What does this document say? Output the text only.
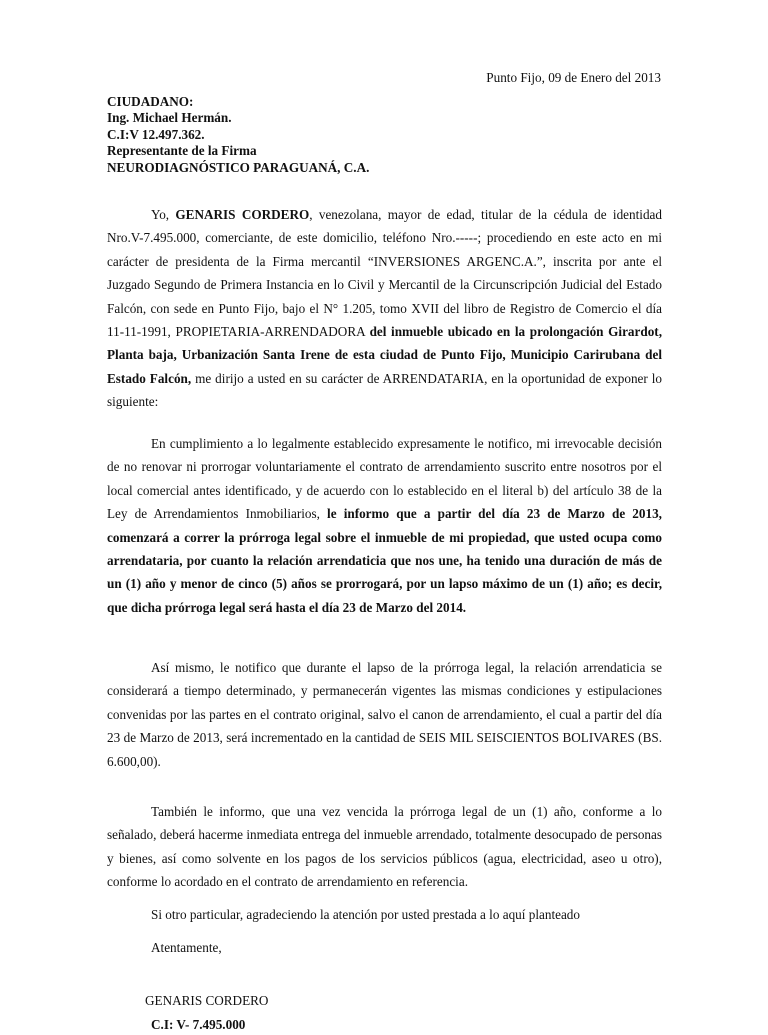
Punto Fijo, 09 de Enero del 2013
CIUDADANO:
Ing. Michael Hermán.
C.I:V 12.497.362.
Representante de la Firma
NEURODIAGNÓSTICO PARAGUANÁ, C.A.

Yo, GENARIS CORDERO, venezolana, mayor de edad, titular de la cédula de identidad Nro.V-7.495.000, comerciante, de este domicilio, teléfono Nro.-----; procediendo en este acto en mi carácter de presidenta de la Firma mercantil “INVERSIONES ARGENC.A.”, inscrita por ante el Juzgado Segundo de Primera Instancia en lo Civil y Mercantil de la Circunscripción Judicial del Estado Falcón, con sede en Punto Fijo, bajo el N° 1.205, tomo XVII del libro de Registro de Comercio el día 11-11-1991, PROPIETARIA-ARRENDADORA del inmueble ubicado en la prolongación Girardot, Planta baja, Urbanización Santa Irene de esta ciudad de Punto Fijo, Municipio Carirubana del Estado Falcón, me dirijo a usted en su carácter de ARRENDATARIA, en la oportunidad de exponer lo siguiente:

En cumplimiento a lo legalmente establecido expresamente le notifico, mi irrevocable decisión de no renovar ni prorrogar voluntariamente el contrato de arrendamiento suscrito entre nosotros por el local comercial antes identificado, y de acuerdo con lo establecido en el literal b) del artículo 38 de la Ley de Arrendamientos Inmobiliarios, le informo que a partir del día 23 de Marzo de 2013, comenzará a correr la prórroga legal sobre el inmueble de mi propiedad, que usted ocupa como arrendataria, por cuanto la relación arrendaticia que nos une, ha tenido una duración de más de un (1) año y menor de cinco (5) años se prorrogará, por un lapso máximo de un (1) año; es decir, que dicha prórroga legal será hasta el día 23 de Marzo del 2014.

Así mismo, le notifico que durante el lapso de la prórroga legal, la relación arrendaticia se considerará a tiempo determinado, y permanecerán vigentes las mismas condiciones y estipulaciones convenidas por las partes en el contrato original, salvo el canon de arrendamiento, el cual a partir del día 23 de Marzo de 2013, será incrementado en la cantidad de SEIS MIL SEISCIENTOS BOLIVARES (BS. 6.600,00).

También le informo, que una vez vencida la prórroga legal de un (1) año, conforme a lo señalado, deberá hacerme inmediata entrega del inmueble arrendado, totalmente desocupado de personas y bienes, así como solvente en los pagos de los servicios públicos (agua, electricidad, aseo u otro), conforme lo acordado en el contrato de arrendamiento en referencia.

Si otro particular, agradeciendo la atención por usted prestada a lo aquí planteado
Atentamente,
GENARIS CORDERO
C.I: V- 7.495.000
